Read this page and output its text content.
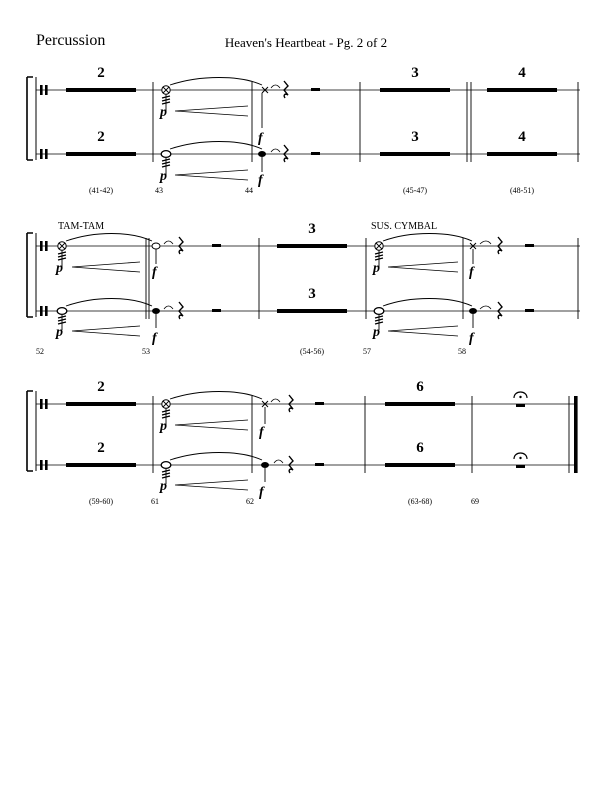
Percussion	Heaven's Heartbeat - Pg. 2 of 2
2
2
(41-42)
3
3
(45-47)
4
4
(48-51)
p
f
p	f
43	44
TAM-TAM	SUS. CYMBAL
p	f
p	f
3
3
(54-56)
p	f
p	f
52	53	57	58
2
2
(59-60)
p	f
p	f
6
6
(63-68)
61	62	69
